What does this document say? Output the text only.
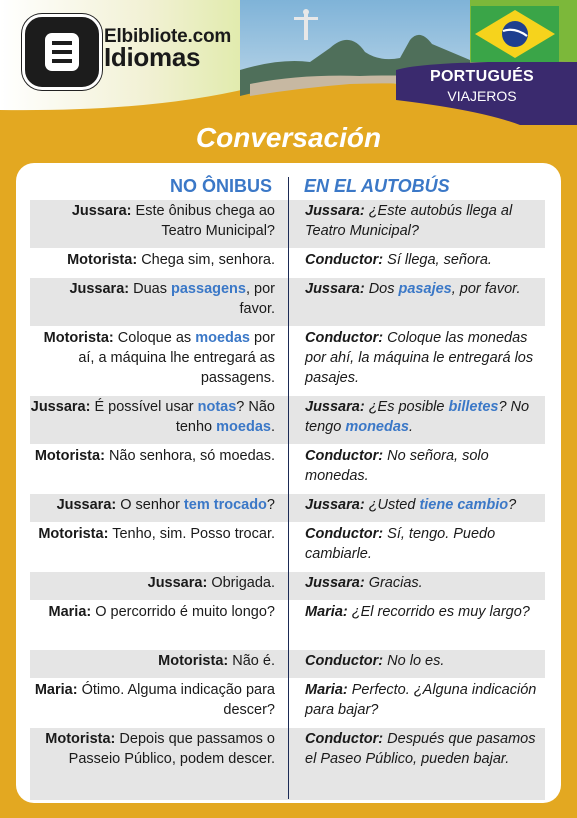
Elbibliote.com
Idiomas
PORTUGUÉS
VIAJEROS
Conversación
NO ÔNIBUS EN EL AUTOBÚS
Jussara: Este ônibus chega ao Teatro Municipal?
Jussara: ¿Este autobús llega al Teatro Municipal?
Motorista: Chega sim, senhora. Conductor: Sí llega, señora.
Jussara: Duas passagens, por favor.
Jussara: Dos pasajes, por favor.
Motorista: Coloque as moedas por aí, a máquina lhe entregará as passagens.
Conductor: Coloque las monedas por ahí, la máquina le entregará los pasajes.
Jussara: É possível usar notas? Não tenho moedas.
Jussara: ¿Es posible billetes? No tengo monedas.
Motorista: Não senhora, só moedas. Conductor: No señora, solo monedas.
Jussara: O senhor tem trocado? Jussara: ¿Usted tiene cambio?
Motorista: Tenho, sim. Posso trocar. Conductor: Sí, tengo. Puedo cambiarle.
Jussara: Obrigada. Jussara: Gracias.
Maria: O percorrido é muito longo? Maria: ¿El recorrido es muy largo?
Motorista: Não é. Conductor: No lo es.
Maria: Ótimo. Alguma indicação para descer?
Maria: Perfecto. ¿Alguna indicación para bajar?
Motorista: Depois que passamos o Passeio Público, podem descer.
Conductor: Después que pasamos el Paseo Público, pueden bajar.
